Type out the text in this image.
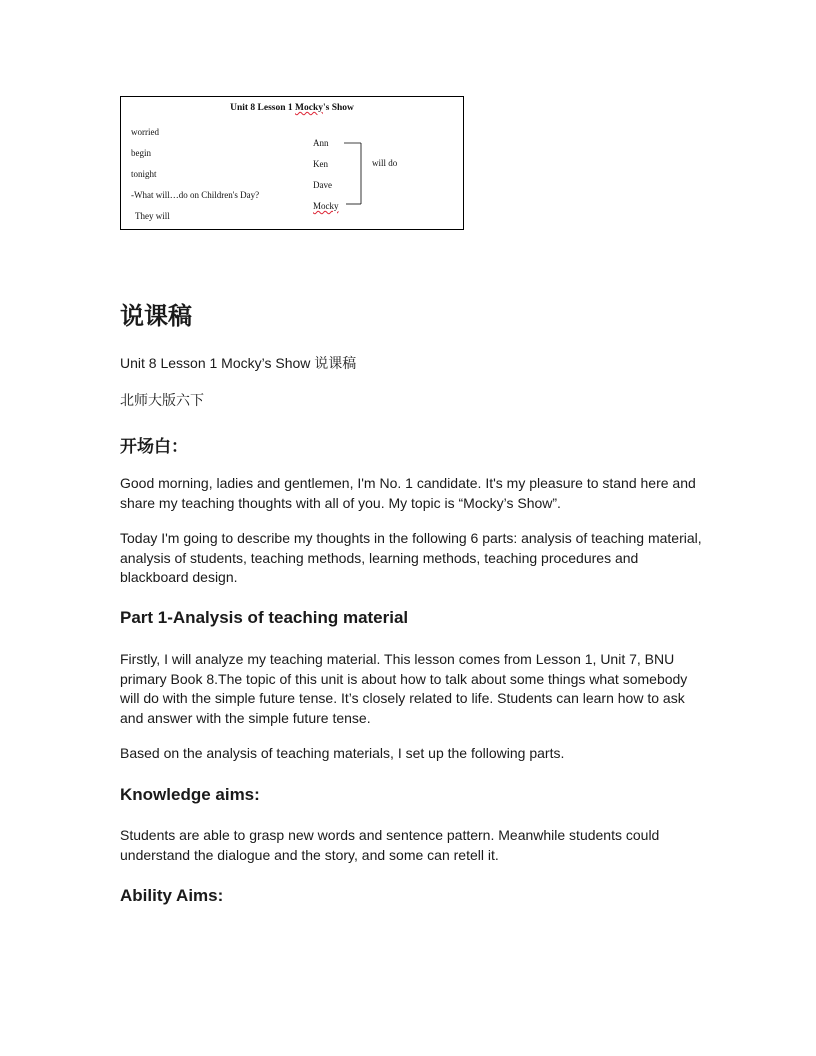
Unit 8 Lesson 1 Mocky's Show
worried
begin
tonight
-What will…do on Children's Day?
They will
Ann
Ken
Dave
Mocky
will do
说课稿

Unit 8 Lesson 1 Mocky’s Show 说课稿

北师大版六下

开场白：

Good morning, ladies and gentlemen, I'm No. 1 candidate. It's my pleasure to stand here and share my teaching thoughts with all of you. My topic is “Mocky’s Show”.

Today I'm going to describe my thoughts in the following 6 parts: analysis of teaching material, analysis of students, teaching methods, learning methods, teaching procedures and blackboard design.

Part 1-Analysis of teaching material

Firstly, I will analyze my teaching material. This lesson comes from Lesson 1, Unit 7, BNU primary Book 8.The topic of this unit is about how to talk about some things what somebody will do with the simple future tense. It’s closely related to life. Students can learn how to ask and answer with the simple future tense.

Based on the analysis of teaching materials, I set up the following parts.

Knowledge aims:

Students are able to grasp new words and sentence pattern. Meanwhile students could understand the dialogue and the story, and some can retell it.

Ability Aims:
